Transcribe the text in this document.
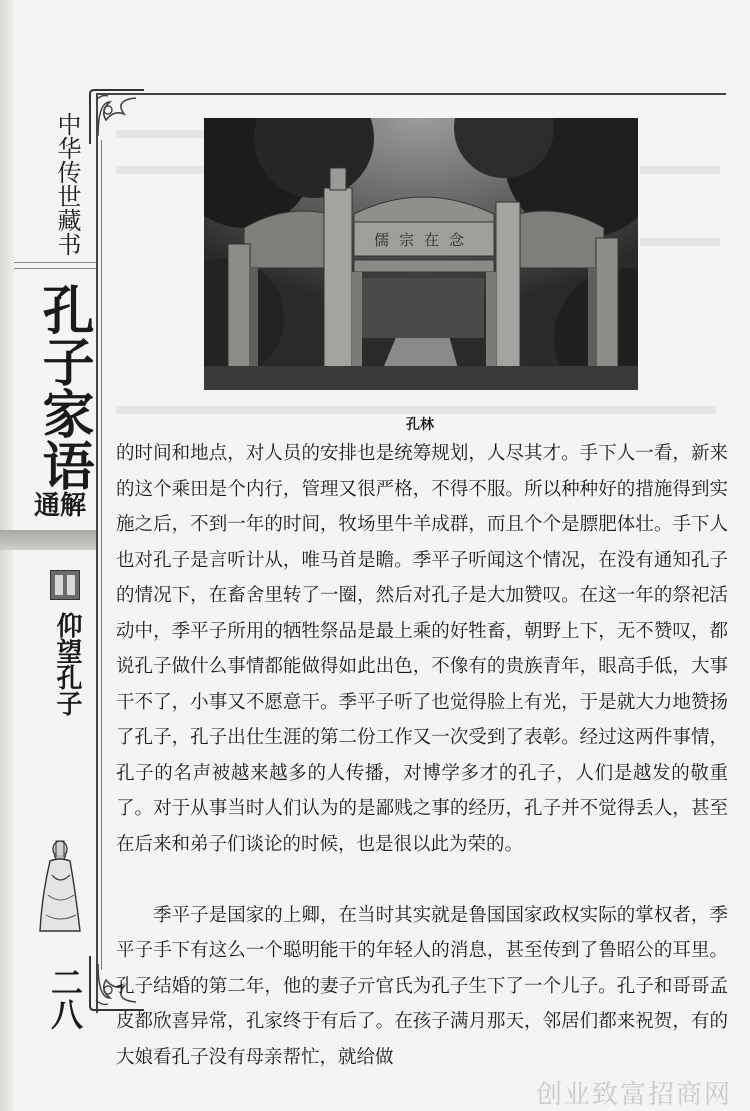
中华传世藏书
孔子家语
通解
仰望孔子
二八
儒宗在念
孔林

的时间和地点，对人员的安排也是统筹规划，人尽其才。手下人一看，新来的这个乘田是个内行，管理又很严格，不得不服。所以种种好的措施得到实施之后，不到一年的时间，牧场里牛羊成群，而且个个是膘肥体壮。手下人也对孔子是言听计从，唯马首是瞻。季平子听闻这个情况，在没有通知孔子的情况下，在畜舍里转了一圈，然后对孔子是大加赞叹。在这一年的祭祀活动中，季平子所用的牺牲祭品是最上乘的好牲畜，朝野上下，无不赞叹，都说孔子做什么事情都能做得如此出色，不像有的贵族青年，眼高手低，大事干不了，小事又不愿意干。季平子听了也觉得脸上有光，于是就大力地赞扬了孔子，孔子出仕生涯的第二份工作又一次受到了表彰。经过这两件事情，孔子的名声被越来越多的人传播，对博学多才的孔子，人们是越发的敬重了。对于从事当时人们认为的是鄙贱之事的经历，孔子并不觉得丢人，甚至在后来和弟子们谈论的时候，也是很以此为荣的。

季平子是国家的上卿，在当时其实就是鲁国国家政权实际的掌权者，季平子手下有这么一个聪明能干的年轻人的消息，甚至传到了鲁昭公的耳里。孔子结婚的第二年，他的妻子亓官氏为孔子生下了一个儿子。孔子和哥哥孟皮都欣喜异常，孔家终于有后了。在孩子满月那天，邻居们都来祝贺，有的大娘看孔子没有母亲帮忙，就给做

创业致富招商网
